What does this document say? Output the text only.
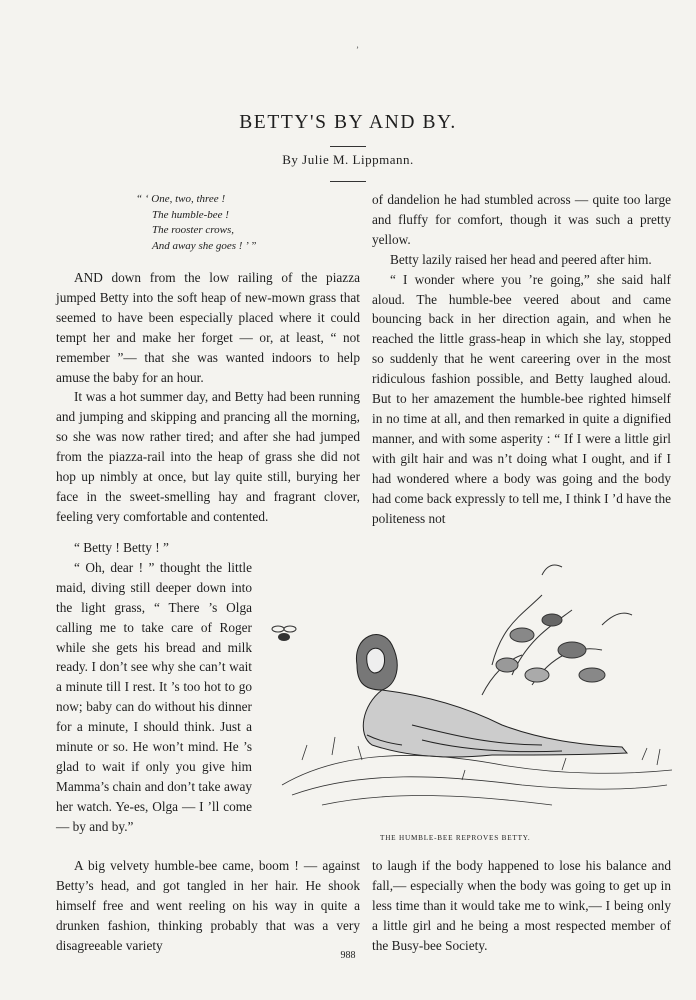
’
BETTY'S BY AND BY.
By Julie M. Lippmann.
“ ‘ One, two, three !
The humble-bee !
The rooster crows,
And away she goes ! ’ ”

AND down from the low railing of the piazza jumped Betty into the soft heap of new-mown grass that seemed to have been especially placed where it could tempt her and make her forget — or, at least, “ not remember ”— that she was wanted indoors to help amuse the baby for an hour.

It was a hot summer day, and Betty had been running and jumping and skipping and prancing all the morning, so she was now rather tired; and after she had jumped from the piazza-rail into the heap of grass she did not hop up nimbly at once, but lay quite still, burying her face in the sweet-smelling hay and fragrant clover, feeling very comfortable and contented.

“ Betty ! Betty ! ”

“ Oh, dear ! ” thought the little maid, diving still deeper down into the light grass, “ There ’s Olga calling me to take care of Roger while she gets his bread and milk ready. I don’t see why she can’t wait a minute till I rest. It ’s too hot to go now; baby can do without his dinner for a minute, I should think. Just a minute or so. He won’t mind. He ’s glad to wait if only you give him Mamma’s chain and don’t take away her watch. Ye-es, Olga — I ’ll come — by and by.”

A big velvety humble-bee came, boom ! — against Betty’s head, and got tangled in her hair. He shook himself free and went reeling on his way in quite a drunken fashion, thinking probably that was a very disagreeable variety

of dandelion he had stumbled across — quite too large and fluffy for comfort, though it was such a pretty yellow.

Betty lazily raised her head and peered after him.

“ I wonder where you ’re going,” she said half aloud. The humble-bee veered about and came bouncing back in her direction again, and when he reached the little grass-heap in which she lay, stopped so suddenly that he went careering over in the most ridiculous fashion possible, and Betty laughed aloud. But to her amazement the humble-bee righted himself in no time at all, and then remarked in quite a dignified manner, and with some asperity : “ If I were a little girl with gilt hair and was n’t doing what I ought, and if I had wondered where a body was going and the body had come back expressly to tell me, I think I ’d have the politeness not

THE HUMBLE-BEE REPROVES BETTY.

to laugh if the body happened to lose his balance and fall,— especially when the body was going to get up in less time than it would take me to wink,— I being only a little girl and he being a most respected member of the Busy-bee Society.

988
